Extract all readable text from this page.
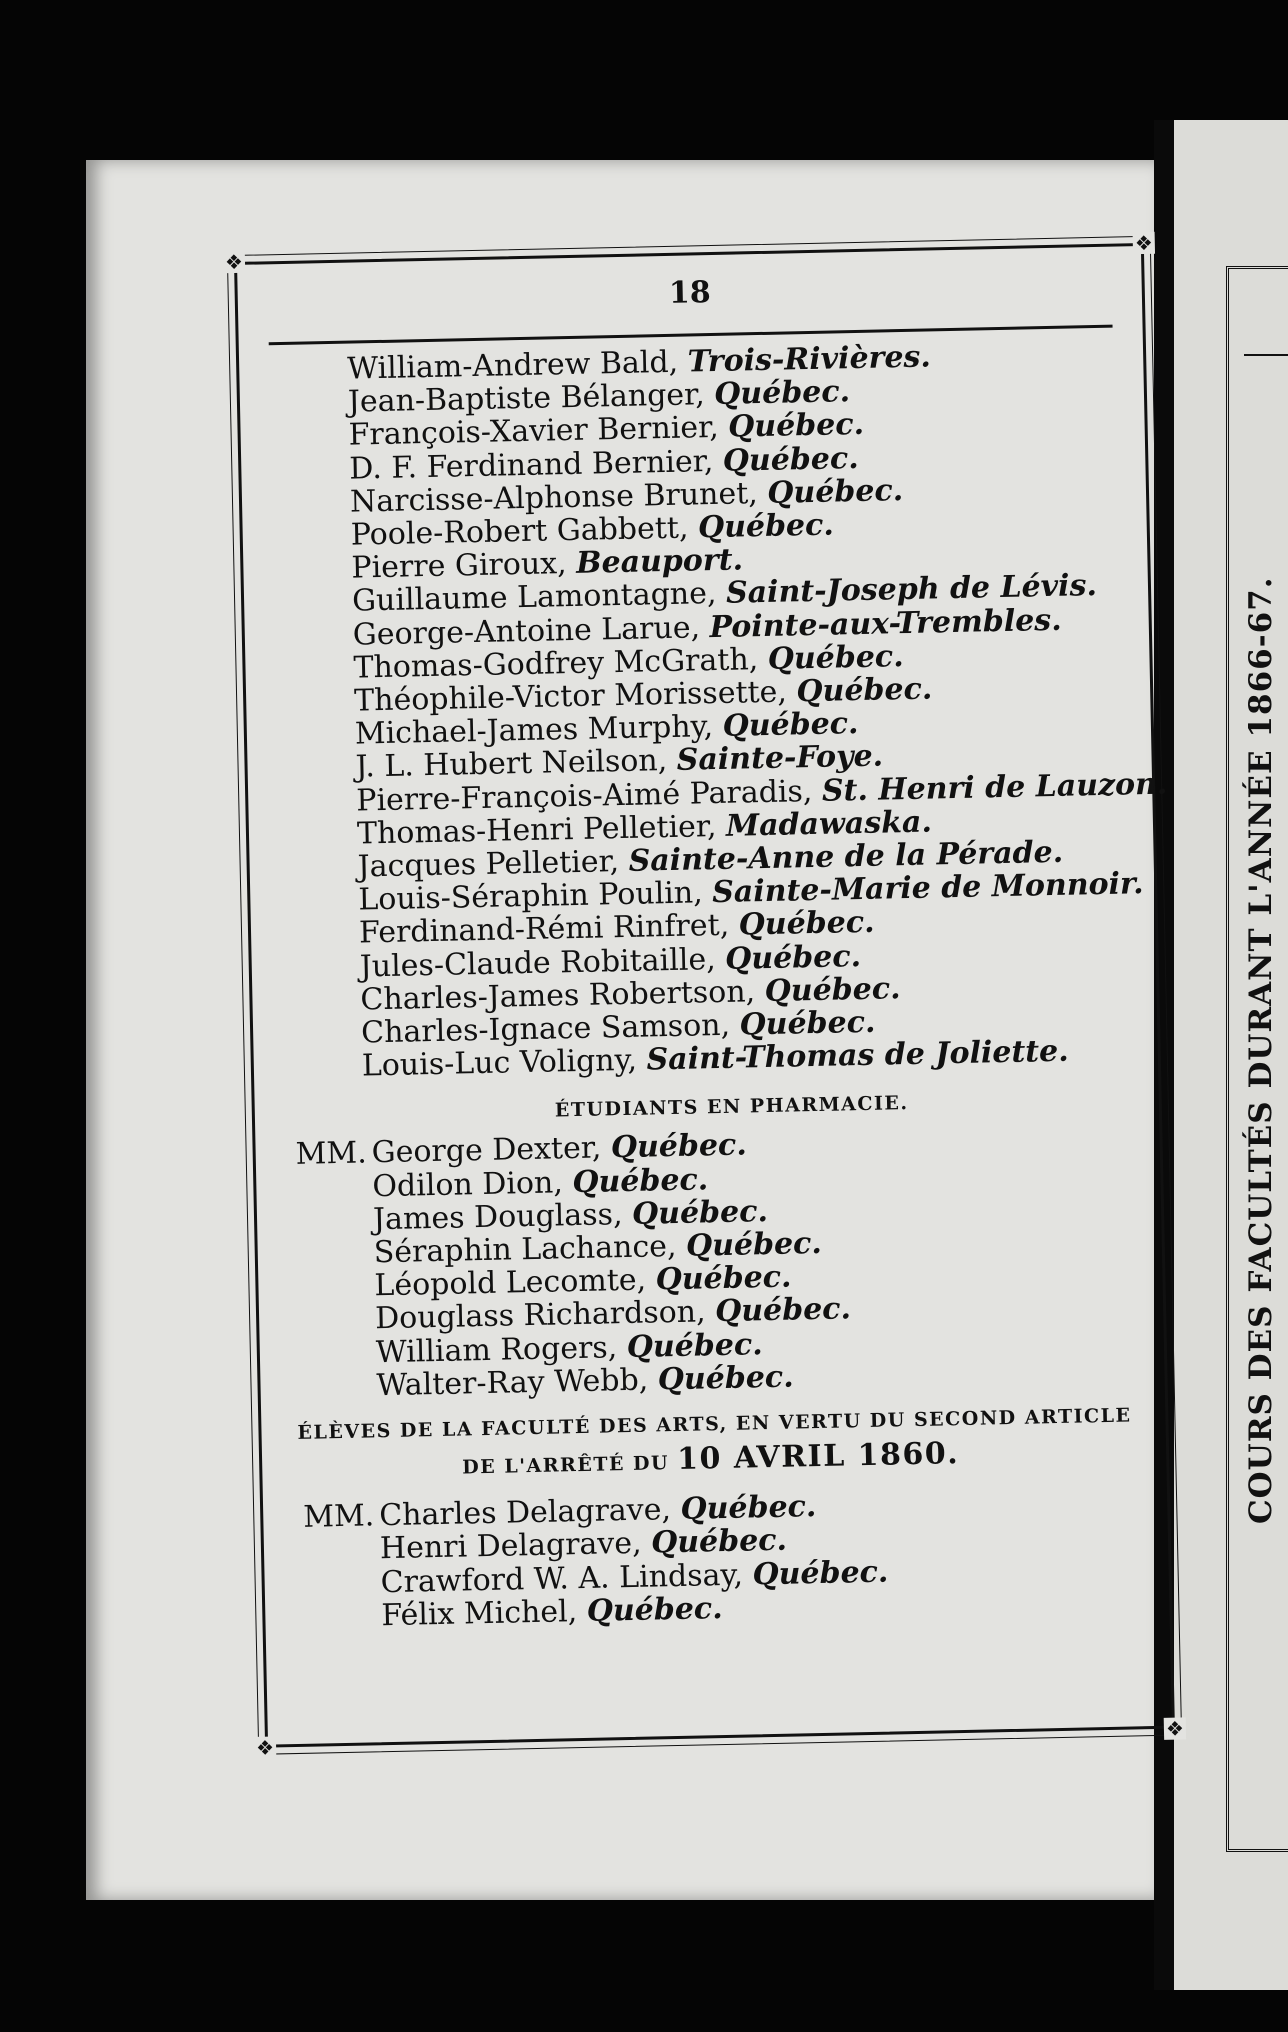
COURS DES FACULTÉS DURANT L'ANNÉE 1866-67.
❖
❖
❖
❖
18
William-Andrew Bald, Trois-Rivières.
Jean-Baptiste Bélanger, Québec.
François-Xavier Bernier, Québec.
D. F. Ferdinand Bernier, Québec.
Narcisse-Alphonse Brunet, Québec.
Poole-Robert Gabbett, Québec.
Pierre Giroux, Beauport.
Guillaume Lamontagne, Saint-Joseph de Lévis.
George-Antoine Larue, Pointe-aux-Trembles.
Thomas-Godfrey McGrath, Québec.
Théophile-Victor Morissette, Québec.
Michael-James Murphy, Québec.
J. L. Hubert Neilson, Sainte-Foye.
Pierre-François-Aimé Paradis, St. Henri de Lauzon.
Thomas-Henri Pelletier, Madawaska.
Jacques Pelletier, Sainte-Anne de la Pérade.
Louis-Séraphin Poulin, Sainte-Marie de Monnoir.
Ferdinand-Rémi Rinfret, Québec.
Jules-Claude Robitaille, Québec.
Charles-James Robertson, Québec.
Charles-Ignace Samson, Québec.
Louis-Luc Voligny, Saint-Thomas de Joliette.
ÉTUDIANTS EN PHARMACIE.
MM. George Dexter, Québec.
Odilon Dion, Québec.
James Douglass, Québec.
Séraphin Lachance, Québec.
Léopold Lecomte, Québec.
Douglass Richardson, Québec.
William Rogers, Québec.
Walter-Ray Webb, Québec.
ÉLÈVES DE LA FACULTÉ DES ARTS, EN VERTU DU SECOND ARTICLE
DE L'ARRÊTÉ DU 10 AVRIL 1860.
MM. Charles Delagrave, Québec.
Henri Delagrave, Québec.
Crawford W. A. Lindsay, Québec.
Félix Michel, Québec.
